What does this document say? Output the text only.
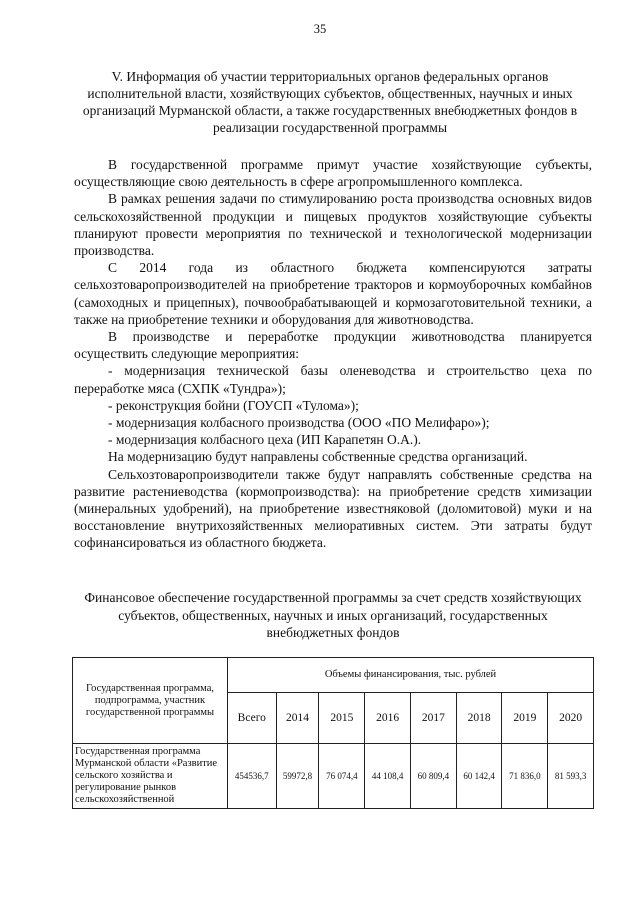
35
V. Информация об участии территориальных органов федеральных органов исполнительной власти, хозяйствующих субъектов, общественных, научных и иных организаций Мурманской области, а также государственных внебюджетных фондов в реализации государственной программы

В государственной программе примут участие хозяйствующие субъекты, осуществляющие свою деятельность в сфере агропромышленного комплекса.

В рамках решения задачи по стимулированию роста производства основных видов сельскохозяйственной продукции и пищевых продуктов хозяйствующие субъекты планируют провести мероприятия по технической и технологической модернизации производства.

С 2014 года из областного бюджета компенсируются затраты сельхозтоваропроизводителей на приобретение тракторов и кормоуборочных комбайнов (самоходных и прицепных), почвообрабатывающей и кормозаготовительной техники, а также на приобретение техники и оборудования для животноводства.

В производстве и переработке продукции животноводства планируется осуществить следующие мероприятия:

- модернизация технической базы оленеводства и строительство цеха по переработке мяса (СХПК «Тундра»);

- реконструкция бойни (ГОУСП «Тулома»);

- модернизация колбасного производства (ООО «ПО Мелифаро»);

- модернизация колбасного цеха (ИП Карапетян О.А.).

На модернизацию будут направлены собственные средства организаций.

Сельхозтоваропроизводители также будут направлять собственные средства на развитие растениеводства (кормопроизводства): на приобретение средств химизации (минеральных удобрений), на приобретение известняковой (доломитовой) муки и на восстановление внутрихозяйственных мелиоративных систем. Эти затраты будут софинансироваться из областного бюджета.

Финансовое обеспечение государственной программы за счет средств хозяйствующих субъектов, общественных, научных и иных организаций, государственных внебюджетных фондов
Государственная программа, подпрограмма, участник государственной программы	Объемы финансирования, тыс. рублей							
	Всего	2014	2015	2016	2017	2018	2019	2020
Государственная программа Мурманской области «Развитие сельского хозяйства и регулирование рынков сельскохозяйственной	454536,7	59972,8	76 074,4	44 108,4	60 809,4	60 142,4	71 836,0	81 593,3
